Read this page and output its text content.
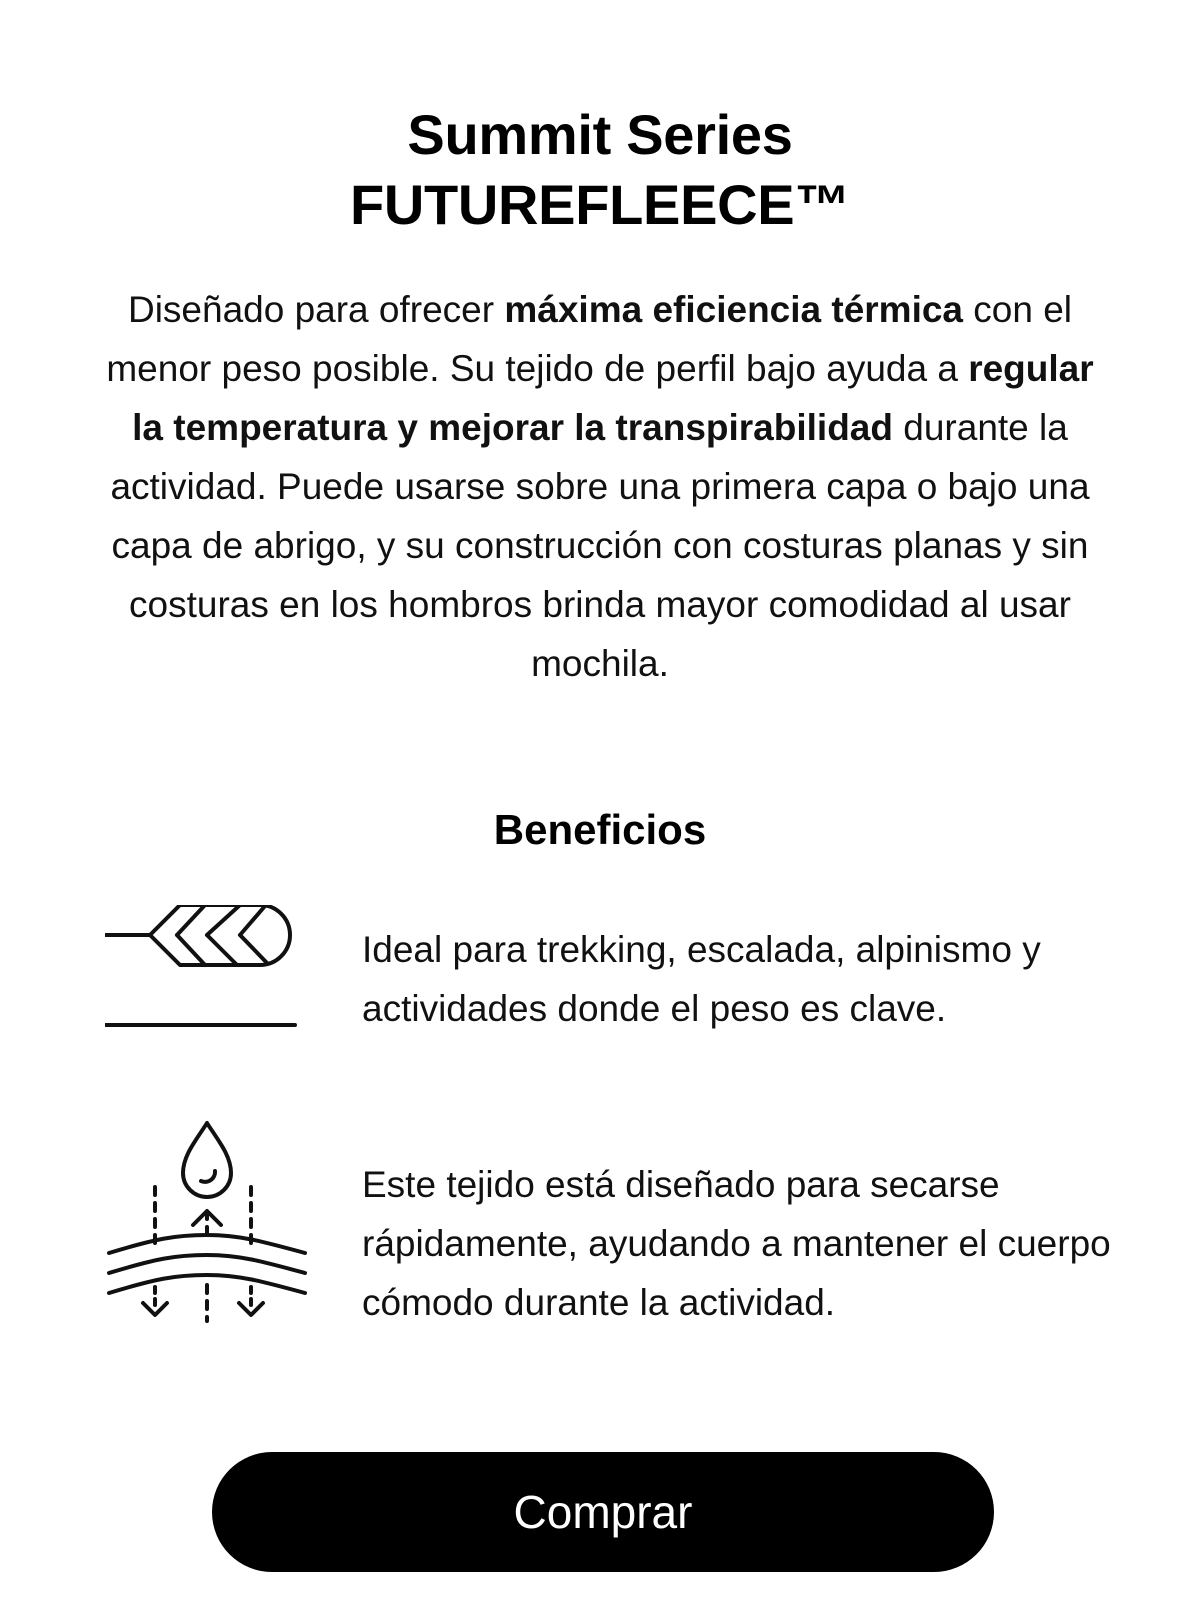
Summit Series
FUTUREFLEECE™
Diseñado para ofrecer máxima eficiencia térmica con el menor peso posible. Su tejido de perfil bajo ayuda a regular la temperatura y mejorar la transpirabilidad durante la actividad. Puede usarse sobre una primera capa o bajo una capa de abrigo, y su construcción con costuras planas y sin costuras en los hombros brinda mayor comodidad al usar mochila.
Beneficios
Ideal para trekking, escalada, alpinismo y actividades donde el peso es clave.
Este tejido está diseñado para secarse rápidamente, ayudando a mantener el cuerpo cómodo durante la actividad.
Comprar
